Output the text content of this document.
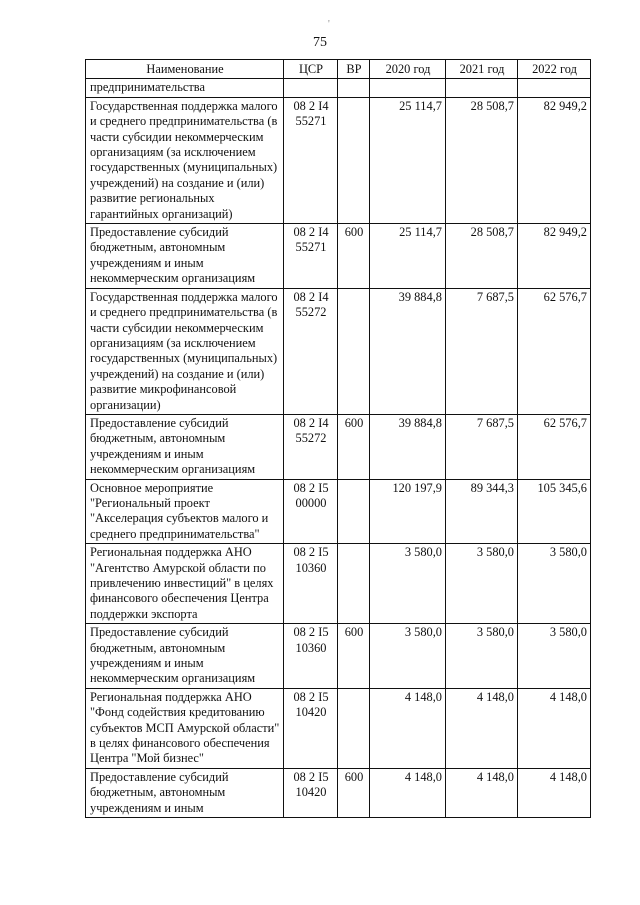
'
75
Наименование	ЦСР	ВР	2020 год	2021 год	2022 год
предпринимательства					
Государственная поддержка малого и среднего предпринимательства (в части субсидии некоммерческим организациям (за исключением государственных (муниципальных) учреждений) на создание и (или) развитие региональных гарантийных организаций)	08 2 I4 55271		25 114,7	28 508,7	82 949,2
Предоставление субсидий бюджетным, автономным учреждениям и иным некоммерческим организациям	08 2 I4 55271	600	25 114,7	28 508,7	82 949,2
Государственная поддержка малого и среднего предпринимательства (в части субсидии некоммерческим организациям (за исключением государственных (муниципальных) учреждений) на создание и (или) развитие микрофинансовой организации)	08 2 I4 55272		39 884,8	7 687,5	62 576,7
Предоставление субсидий бюджетным, автономным учреждениям и иным некоммерческим организациям	08 2 I4 55272	600	39 884,8	7 687,5	62 576,7
Основное мероприятие "Региональный проект "Акселерация субъектов малого и среднего предпринимательства"	08 2 I5 00000		120 197,9	89 344,3	105 345,6
Региональная поддержка АНО "Агентство Амурской области по привлечению инвестиций" в целях финансового обеспечения Центра поддержки экспорта	08 2 I5 10360		3 580,0	3 580,0	3 580,0
Предоставление субсидий бюджетным, автономным учреждениям и иным некоммерческим организациям	08 2 I5 10360	600	3 580,0	3 580,0	3 580,0
Региональная поддержка АНО "Фонд содействия кредитованию субъектов МСП Амурской области" в целях финансового обеспечения Центра "Мой бизнес"	08 2 I5 10420		4 148,0	4 148,0	4 148,0
Предоставление субсидий бюджетным, автономным учреждениям и иным	08 2 I5 10420	600	4 148,0	4 148,0	4 148,0
